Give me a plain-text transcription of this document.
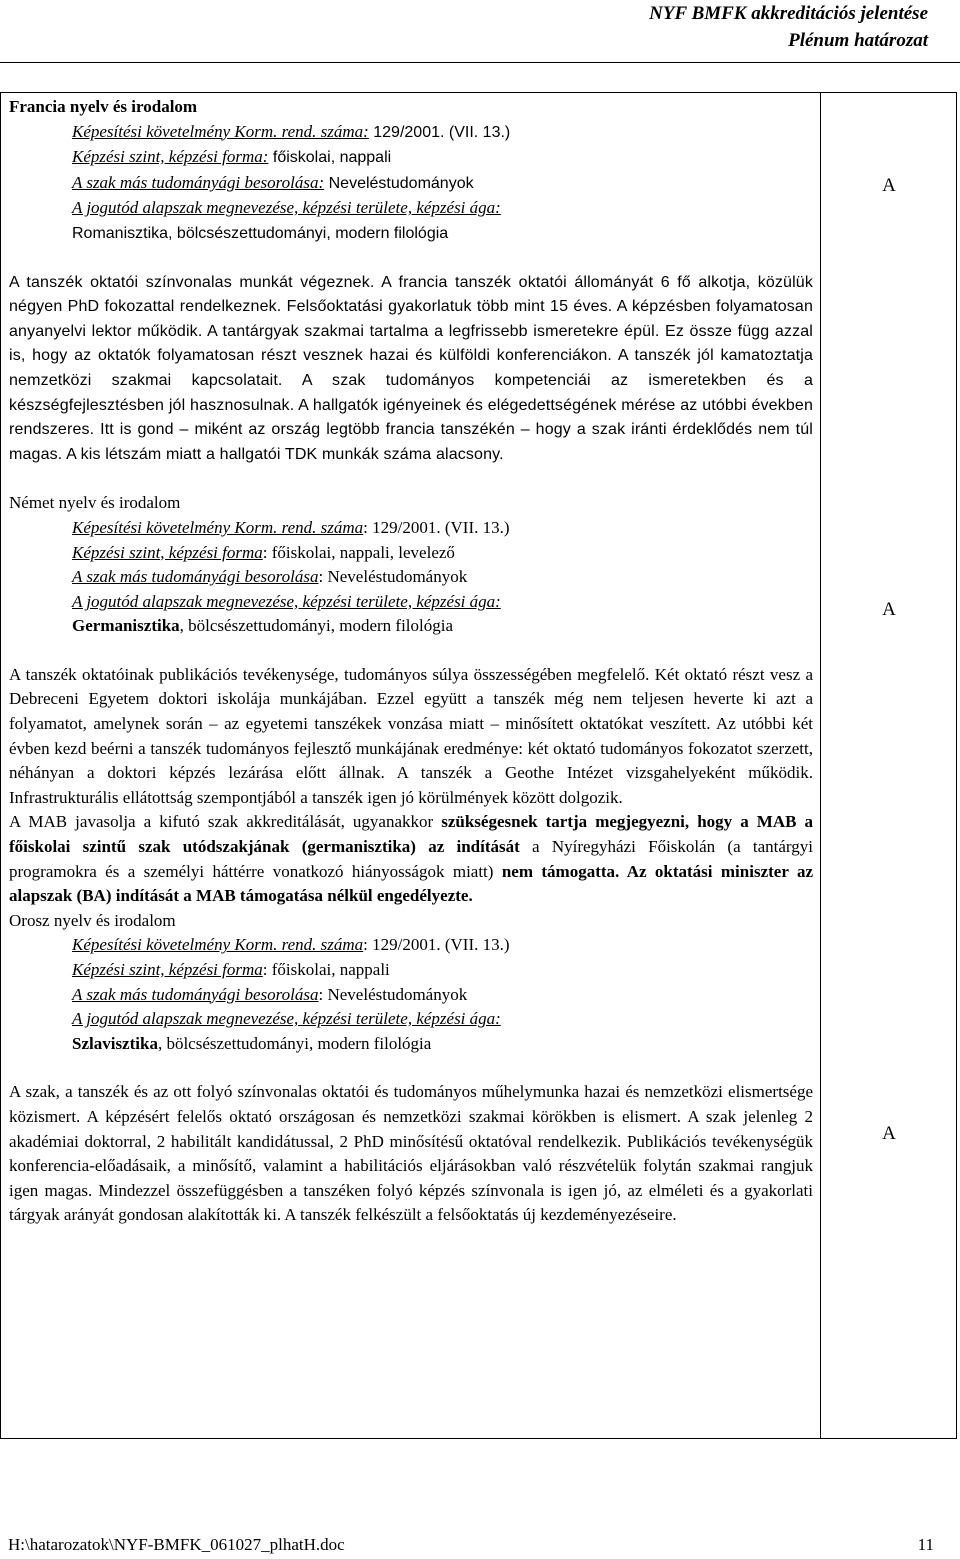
NYF BMFK akkreditációs jelentése
Plénum határozat
Francia nyelv és irodalom
Képesítési követelmény Korm. rend. száma: 129/2001. (VII. 13.)
Képzési szint, képzési forma: főiskolai, nappali
A szak más tudományági besorolása: Neveléstudományok
A jogutód alapszak megnevezése, képzési területe, képzési ága:
Romanisztika, bölcsészettudományi, modern filológia
A tanszék oktatói színvonalas munkát végeznek. A francia tanszék oktatói állományát 6 fő alkotja, közülük négyen PhD fokozattal rendelkeznek. Felsőoktatási gyakorlatuk több mint 15 éves. A képzésben folyamatosan anyanyelvi lektor működik. A tantárgyak szakmai tartalma a legfrissebb ismeretekre épül. Ez össze függ azzal is, hogy az oktatók folyamatosan részt vesznek hazai és külföldi konferenciákon. A tanszék jól kamatoztatja nemzetközi szakmai kapcsolatait. A szak tudományos kompetenciái az ismeretekben és a készségfejlesztésben jól hasznosulnak. A hallgatók igényeinek és elégedettségének mérése az utóbbi években rendszeres. Itt is gond – miként az ország legtöbb francia tanszékén – hogy a szak iránti érdeklődés nem túl magas. A kis létszám miatt a hallgatói TDK munkák száma alacsony.
Német nyelv és irodalom
Képesítési követelmény Korm. rend. száma: 129/2001. (VII. 13.)
Képzési szint, képzési forma: főiskolai, nappali, levelező
A szak más tudományági besorolása: Neveléstudományok
A jogutód alapszak megnevezése, képzési területe, képzési ága:
Germanisztika, bölcsészettudományi, modern filológia
A tanszék oktatóinak publikációs tevékenysége, tudományos súlya összességében megfelelő. Két oktató részt vesz a Debreceni Egyetem doktori iskolája munkájában. Ezzel együtt a tanszék még nem teljesen heverte ki azt a folyamatot, amelynek során – az egyetemi tanszékek vonzása miatt – minősített oktatókat veszített. Az utóbbi két évben kezd beérni a tanszék tudományos fejlesztő munkájának eredménye: két oktató tudományos fokozatot szerzett, néhányan a doktori képzés lezárása előtt állnak. A tanszék a Geothe Intézet vizsgahelyeként működik. Infrastrukturális ellátottság szempontjából a tanszék igen jó körülmények között dolgozik.
A MAB javasolja a kifutó szak akkreditálását, ugyanakkor szükségesnek tartja megjegyezni, hogy a MAB a főiskolai szintű szak utódszakjának (germanisztika) az indítását a Nyíregyházi Főiskolán (a tantárgyi programokra és a személyi háttérre vonatkozó hiányosságok miatt) nem támogatta. Az oktatási miniszter az alapszak (BA) indítását a MAB támogatása nélkül engedélyezte.
Orosz nyelv és irodalom
Képesítési követelmény Korm. rend. száma: 129/2001. (VII. 13.)
Képzési szint, képzési forma: főiskolai, nappali
A szak más tudományági besorolása: Neveléstudományok
A jogutód alapszak megnevezése, képzési területe, képzési ága:
Szlavisztika, bölcsészettudományi, modern filológia
A szak, a tanszék és az ott folyó színvonalas oktatói és tudományos műhelymunka hazai és nemzetközi elismertsége közismert. A képzésért felelős oktató országosan és nemzetközi szakmai körökben is elismert. A szak jelenleg 2 akadémiai doktorral, 2 habilitált kandidátussal, 2 PhD minősítésű oktatóval rendelkezik. Publikációs tevékenységük konferencia-előadásaik, a minősítő, valamint a habilitációs eljárásokban való részvételük folytán szakmai rangjuk igen magas. Mindezzel összefüggésben a tanszéken folyó képzés színvonala is igen jó, az elméleti és a gyakorlati tárgyak arányát gondosan alakították ki. A tanszék felkészült a felsőoktatás új kezdeményezéseire.
A
A
A
H:\hatarozatok\NYF-BMFK_061027_plhatH.doc	11
